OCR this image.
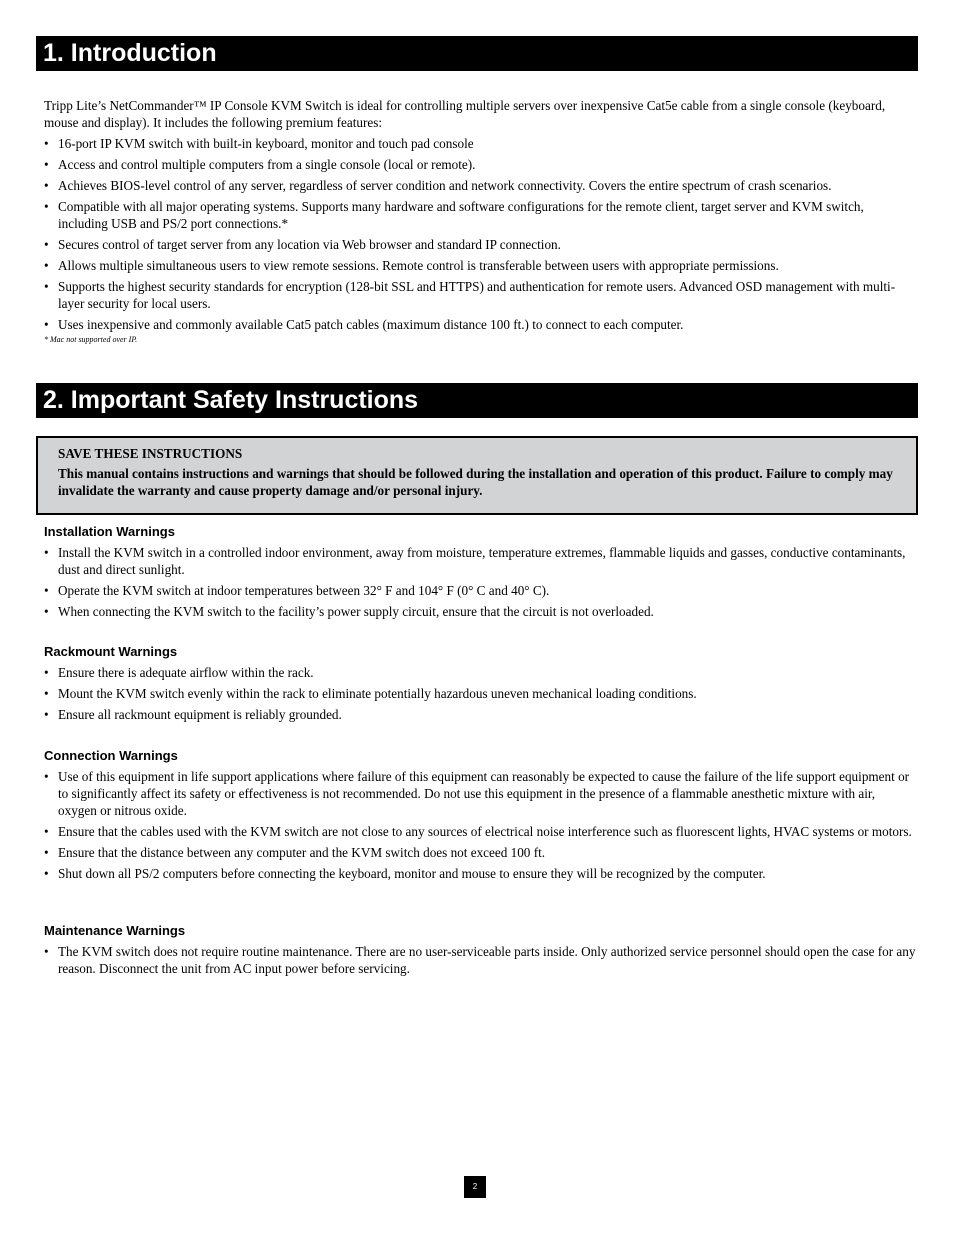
1. Introduction

Tripp Lite’s NetCommander™ IP Console KVM Switch is ideal for controlling multiple servers over inexpensive Cat5e cable from a single console (keyboard, mouse and display). It includes the following premium features:

• 16-port IP KVM switch with built-in keyboard, monitor and touch pad console
• Access and control multiple computers from a single console (local or remote).
• Achieves BIOS-level control of any server, regardless of server condition and network connectivity. Covers the entire spectrum of crash scenarios.
• Compatible with all major operating systems. Supports many hardware and software configurations for the remote client, target server and KVM switch, including USB and PS/2 port connections.*
• Secures control of target server from any location via Web browser and standard IP connection.
• Allows multiple simultaneous users to view remote sessions. Remote control is transferable between users with appropriate permissions.
• Supports the highest security standards for encryption (128-bit SSL and HTTPS) and authentication for remote users. Advanced OSD management with multi-layer security for local users.
• Uses inexpensive and commonly available Cat5 patch cables (maximum distance 100 ft.) to connect to each computer.
* Mac not supported over IP.
2. Important Safety Instructions
SAVE THESE INSTRUCTIONS
This manual contains instructions and warnings that should be followed during the installation and operation of this product. Failure to comply may invalidate the warranty and cause property damage and/or personal injury.
Installation Warnings
• Install the KVM switch in a controlled indoor environment, away from moisture, temperature extremes, flammable liquids and gasses, conductive contaminants, dust and direct sunlight.
• Operate the KVM switch at indoor temperatures between 32° F and 104° F (0° C and 40° C).
• When connecting the KVM switch to the facility’s power supply circuit, ensure that the circuit is not overloaded.
Rackmount Warnings
• Ensure there is adequate airflow within the rack.
• Mount the KVM switch evenly within the rack to eliminate potentially hazardous uneven mechanical loading conditions.
• Ensure all rackmount equipment is reliably grounded.
Connection Warnings
• Use of this equipment in life support applications where failure of this equipment can reasonably be expected to cause the failure of the life support equipment or to significantly affect its safety or effectiveness is not recommended. Do not use this equipment in the presence of a flammable anesthetic mixture with air, oxygen or nitrous oxide.
• Ensure that the cables used with the KVM switch are not close to any sources of electrical noise interference such as fluorescent lights, HVAC systems or motors.
• Ensure that the distance between any computer and the KVM switch does not exceed 100 ft.
• Shut down all PS/2 computers before connecting the keyboard, monitor and mouse to ensure they will be recognized by the computer.
Maintenance Warnings
• The KVM switch does not require routine maintenance. There are no user-serviceable parts inside. Only authorized service personnel should open the case for any reason. Disconnect the unit from AC input power before servicing.
2
